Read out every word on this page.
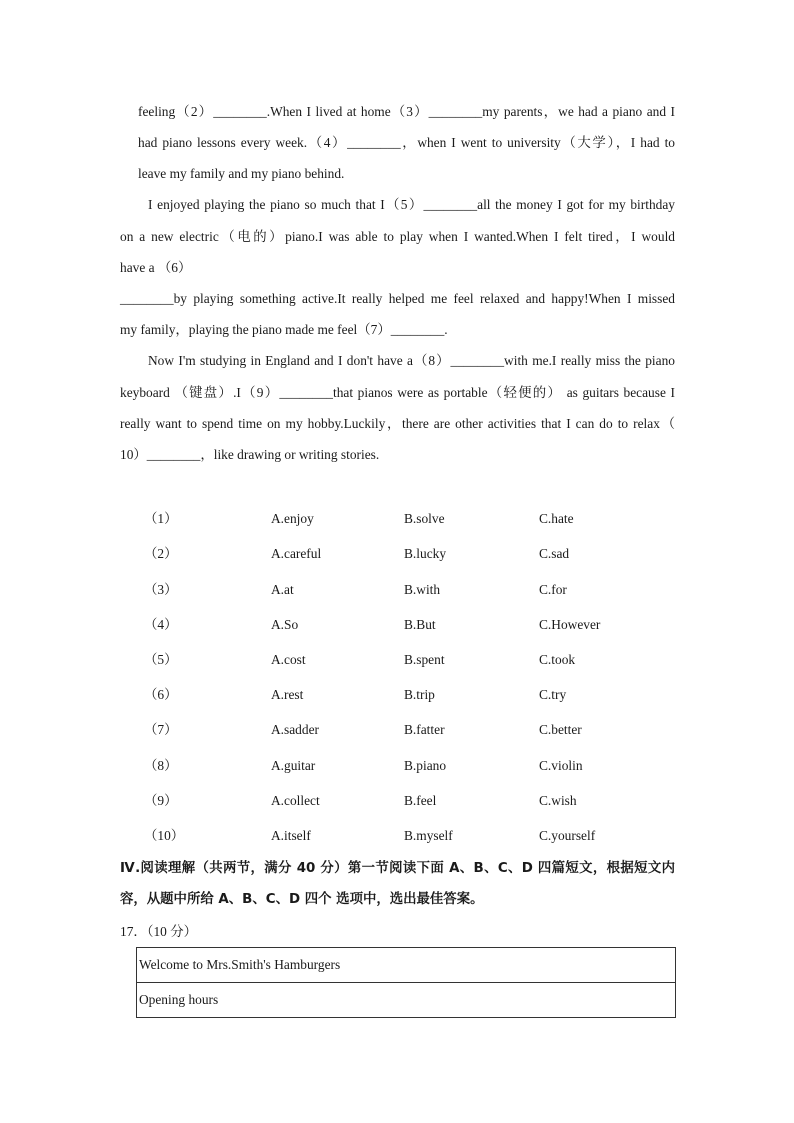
feeling（2）________.When I lived at home（3）________my parents，we had a piano and I
had piano lessons every week.（4）________，when I went to university（大学），I had to
leave my family and my piano behind.
I enjoyed playing the piano so much that I（5）________all the money I got for my birthday
on a new electric（电的）piano.I was able to play when I wanted.When I felt tired，I would
have a （6）
________by playing something active.It really helped me feel relaxed and happy!When I missed
my family，playing the piano made me feel（7）________.
Now I'm studying in England and I don't have a（8）________with me.I really miss the piano
keyboard （键盘）.I（9）________that pianos were as portable（轻便的） as guitars because I
really want to spend time on my hobby.Luckily，there are other activities that I can do to relax（
10）________，like drawing or writing stories.
（1）	A.enjoy	B.solve	C.hate
（2）	A.careful	B.lucky	C.sad
（3）	A.at	B.with	C.for
（4）	A.So	B.But	C.However
（5）	A.cost	B.spent	C.took
（6）	A.rest	B.trip	C.try
（7）	A.sadder	B.fatter	C.better
（8）	A.guitar	B.piano	C.violin
（9）	A.collect	B.feel	C.wish
（10）	A.itself	B.myself	C.yourself
Ⅳ.阅读理解（共两节，满分 40 分）第一节阅读下面 A、B、C、D 四篇短文，根据短文内
容，从题中所给 A、B、C、D 四个 选项中，选出最佳答案。
17．（10 分）
Welcome to Mrs.Smith's Hamburgers
Opening hours
